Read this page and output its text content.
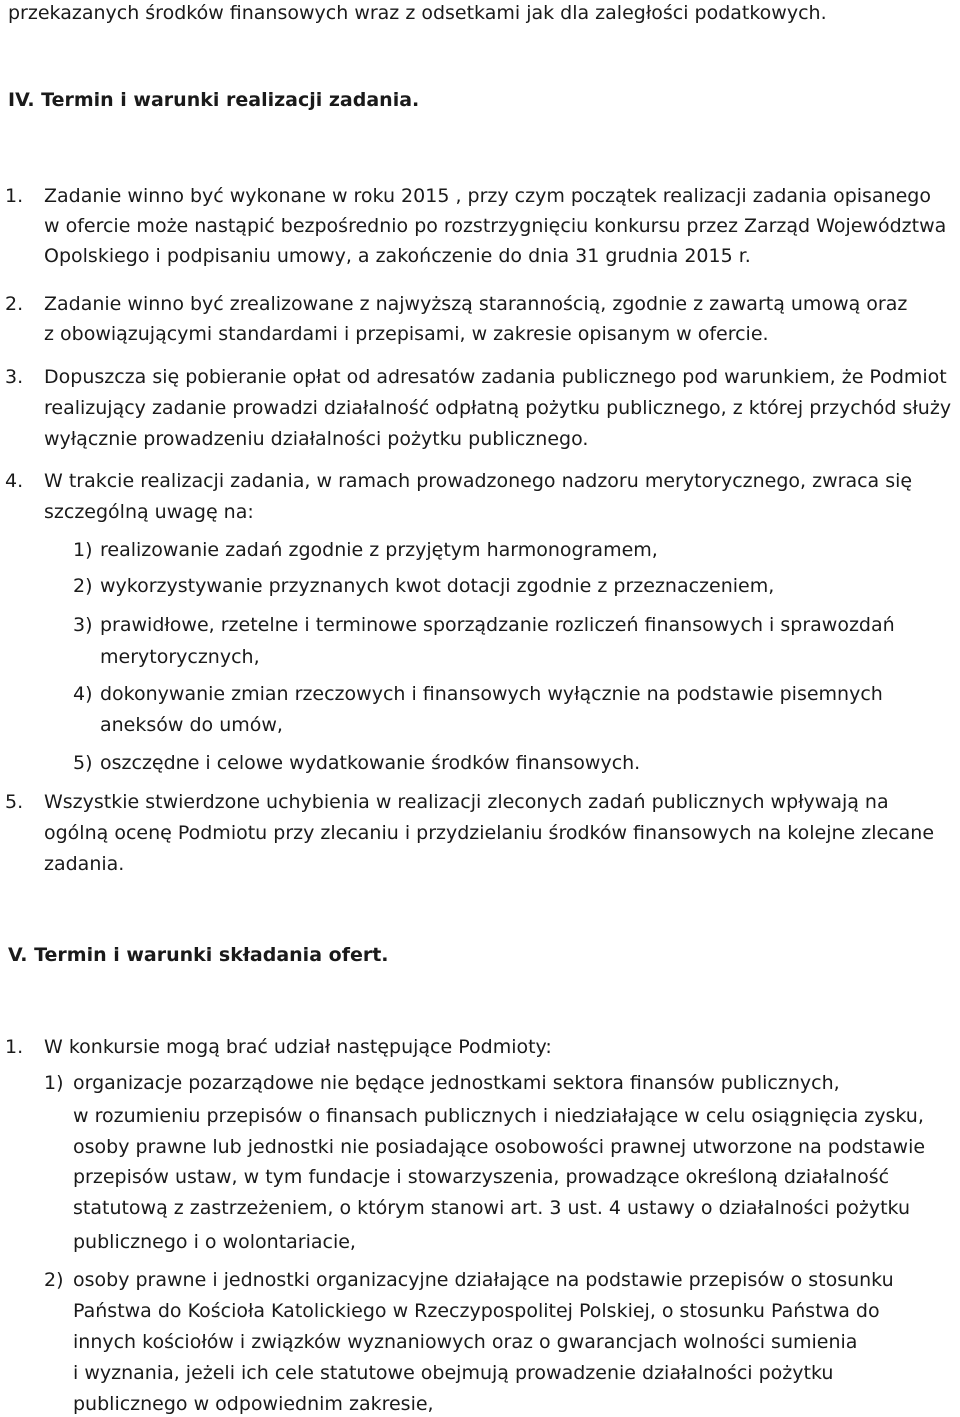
przekazanych środków finansowych wraz z odsetkami jak dla zaległości podatkowych.
IV. Termin i warunki realizacji zadania.
1. Zadanie winno być wykonane w roku 2015 , przy czym początek realizacji zadania opisanego
w ofercie może nastąpić bezpośrednio po rozstrzygnięciu konkursu przez Zarząd Województwa
Opolskiego i podpisaniu umowy, a zakończenie do dnia 31 grudnia 2015 r.
2. Zadanie winno być zrealizowane z najwyższą starannością, zgodnie z zawartą umową oraz
z obowiązującymi standardami i przepisami, w zakresie opisanym w ofercie.
3. Dopuszcza się pobieranie opłat od adresatów zadania publicznego pod warunkiem, że Podmiot
realizujący zadanie prowadzi działalność odpłatną pożytku publicznego, z której przychód służy
wyłącznie prowadzeniu działalności pożytku publicznego.
4. W trakcie realizacji zadania, w ramach prowadzonego nadzoru merytorycznego, zwraca się
szczególną uwagę na:
1) realizowanie zadań zgodnie z przyjętym harmonogramem,
2) wykorzystywanie przyznanych kwot dotacji zgodnie z przeznaczeniem,
3) prawidłowe, rzetelne i terminowe sporządzanie rozliczeń finansowych i sprawozdań
merytorycznych,
4) dokonywanie zmian rzeczowych i finansowych wyłącznie na podstawie pisemnych
aneksów do umów,
5) oszczędne i celowe wydatkowanie środków finansowych.
5. Wszystkie stwierdzone uchybienia w realizacji zleconych zadań publicznych wpływają na
ogólną ocenę Podmiotu przy zlecaniu i przydzielaniu środków finansowych na kolejne zlecane
zadania.
V. Termin i warunki składania ofert.
1. W konkursie mogą brać udział następujące Podmioty:
1) organizacje pozarządowe nie będące jednostkami sektora finansów publicznych,
w rozumieniu przepisów o finansach publicznych i niedziałające w celu osiągnięcia zysku,
osoby prawne lub jednostki nie posiadające osobowości prawnej utworzone na podstawie
przepisów ustaw, w tym fundacje i stowarzyszenia, prowadzące określoną działalność
statutową z zastrzeżeniem, o którym stanowi art. 3 ust. 4 ustawy o działalności pożytku
publicznego i o wolontariacie,
2) osoby prawne i jednostki organizacyjne działające na podstawie przepisów o stosunku
Państwa do Kościoła Katolickiego w Rzeczypospolitej Polskiej, o stosunku Państwa do
innych kościołów i związków wyznaniowych oraz o gwarancjach wolności sumienia
i wyznania, jeżeli ich cele statutowe obejmują prowadzenie działalności pożytku
publicznego w odpowiednim zakresie,
